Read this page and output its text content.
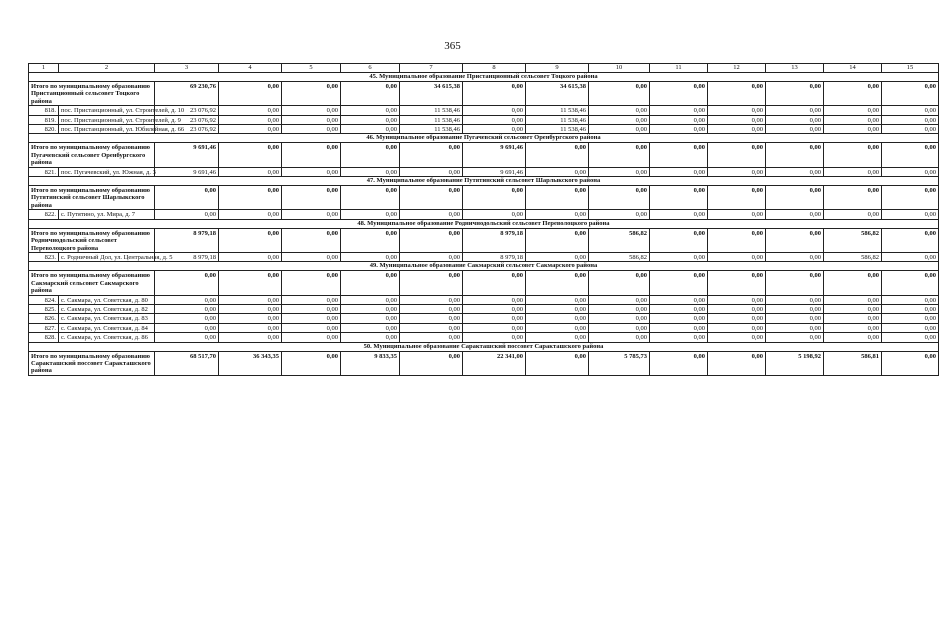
365
1	2	3	4	5	6	7	8	9	10	11	12	13	14	15
45. Муниципальное образование Пристанционный сельсовет Тоцкого района														
Итого по муниципальному образованию Пристанционный сельсовет Тоцкого района		69 230,76	0,00	0,00	0,00	34 615,38	0,00	34 615,38	0,00	0,00	0,00	0,00	0,00	0,00
818.	пос. Пристанционный, ул. Строителей, д. 10	23 076,92	0,00	0,00	0,00	11 538,46	0,00	11 538,46	0,00	0,00	0,00	0,00	0,00	0,00
819.	пос. Пристанционный, ул. Строителей, д. 9	23 076,92	0,00	0,00	0,00	11 538,46	0,00	11 538,46	0,00	0,00	0,00	0,00	0,00	0,00
820.	пос. Пристанционный, ул. Юбилейная, д. 66	23 076,92	0,00	0,00	0,00	11 538,46	0,00	11 538,46	0,00	0,00	0,00	0,00	0,00	0,00
46. Муниципальное образование Пугачевский сельсовет Оренбургского района														
Итого по муниципальному образованию Пугачевский сельсовет Оренбургского района		9 691,46	0,00	0,00	0,00	0,00	9 691,46	0,00	0,00	0,00	0,00	0,00	0,00	0,00
821.	пос. Пугачевский, ул. Южная, д. 3	9 691,46	0,00	0,00	0,00	0,00	9 691,46	0,00	0,00	0,00	0,00	0,00	0,00	0,00
47. Муниципальное образование Путятинский сельсовет Шарлыкского района														
Итого по муниципальному образованию Путятинский сельсовет Шарлыкского района		0,00	0,00	0,00	0,00	0,00	0,00	0,00	0,00	0,00	0,00	0,00	0,00	0,00
822.	с. Путятино, ул. Мира, д. 7	0,00	0,00	0,00	0,00	0,00	0,00	0,00	0,00	0,00	0,00	0,00	0,00	0,00
48. Муниципальное образование Родничнодольский сельсовет Переволоцкого района														
Итого по муниципальному образованию Родничнодольский сельсовет Переволоцкого района		8 979,18	0,00	0,00	0,00	0,00	8 979,18	0,00	586,82	0,00	0,00	0,00	586,82	0,00
823.	с. Родничный Дол, ул. Центральная, д. 5	8 979,18	0,00	0,00	0,00	0,00	8 979,18	0,00	586,82	0,00	0,00	0,00	586,82	0,00
49. Муниципальное образование Сакмарский сельсовет Сакмарского района														
Итого по муниципальному образованию Сакмарский сельсовет Сакмарского района		0,00	0,00	0,00	0,00	0,00	0,00	0,00	0,00	0,00	0,00	0,00	0,00	0,00
824.	с. Сакмара, ул. Советская, д. 80	0,00	0,00	0,00	0,00	0,00	0,00	0,00	0,00	0,00	0,00	0,00	0,00	0,00
825.	с. Сакмара, ул. Советская, д. 82	0,00	0,00	0,00	0,00	0,00	0,00	0,00	0,00	0,00	0,00	0,00	0,00	0,00
826.	с. Сакмара, ул. Советская, д. 83	0,00	0,00	0,00	0,00	0,00	0,00	0,00	0,00	0,00	0,00	0,00	0,00	0,00
827.	с. Сакмара, ул. Советская, д. 84	0,00	0,00	0,00	0,00	0,00	0,00	0,00	0,00	0,00	0,00	0,00	0,00	0,00
828.	с. Сакмара, ул. Советская, д. 86	0,00	0,00	0,00	0,00	0,00	0,00	0,00	0,00	0,00	0,00	0,00	0,00	0,00
50. Муниципальное образование Саракташский поссовет Саракташского района														
Итого по муниципальному образованию Саракташский поссовет Саракташского района		68 517,70	36 343,35	0,00	9 833,35	0,00	22 341,00	0,00	5 785,73	0,00	0,00	5 198,92	586,81	0,00
